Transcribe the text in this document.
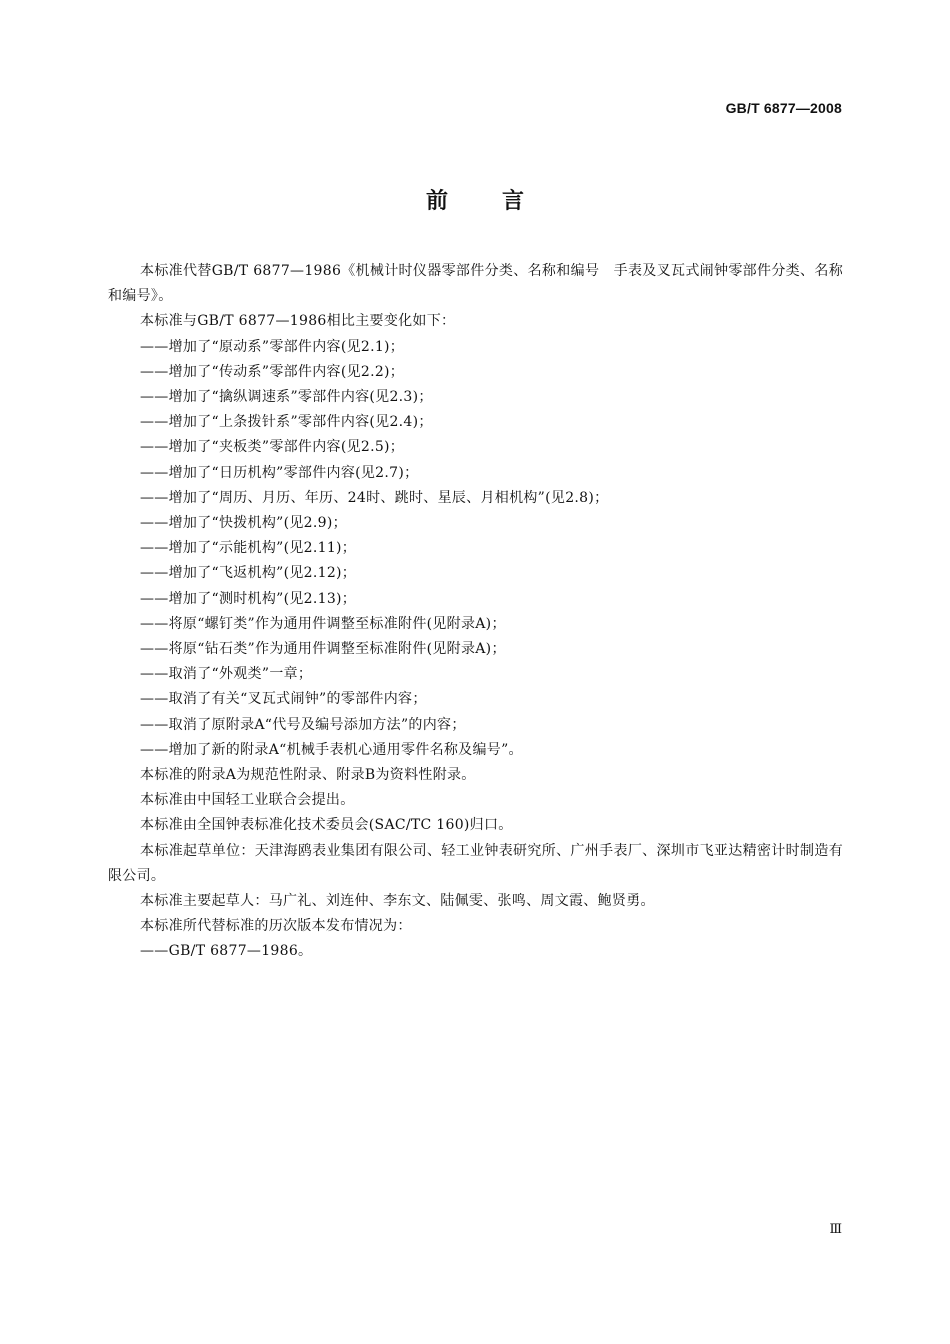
GB/T 6877—2008
前言

本标准代替GB/T 6877—1986《机械计时仪器零部件分类、名称和编号　手表及叉瓦式闹钟零部件分类、名称和编号》。

本标准与GB/T 6877—1986相比主要变化如下：

——增加了“原动系”零部件内容(见2.1)；

——增加了“传动系”零部件内容(见2.2)；

——增加了“擒纵调速系”零部件内容(见2.3)；

——增加了“上条拨针系”零部件内容(见2.4)；

——增加了“夹板类”零部件内容(见2.5)；

——增加了“日历机构”零部件内容(见2.7)；

——增加了“周历、月历、年历、24时、跳时、星辰、月相机构”(见2.8)；

——增加了“快拨机构”(见2.9)；

——增加了“示能机构”(见2.11)；

——增加了“飞返机构”(见2.12)；

——增加了“测时机构”(见2.13)；

——将原“螺钉类”作为通用件调整至标准附件(见附录A)；

——将原“钻石类”作为通用件调整至标准附件(见附录A)；

——取消了“外观类”一章；

——取消了有关“叉瓦式闹钟”的零部件内容；

——取消了原附录A“代号及编号添加方法”的内容；

——增加了新的附录A“机械手表机心通用零件名称及编号”。

本标准的附录A为规范性附录、附录B为资料性附录。

本标准由中国轻工业联合会提出。

本标准由全国钟表标准化技术委员会(SAC/TC 160)归口。

本标准起草单位：天津海鸥表业集团有限公司、轻工业钟表研究所、广州手表厂、深圳市飞亚达精密计时制造有限公司。

本标准主要起草人：马广礼、刘连仲、李东文、陆佩雯、张鸣、周文霞、鲍贤勇。

本标准所代替标准的历次版本发布情况为：

——GB/T 6877—1986。

Ⅲ
